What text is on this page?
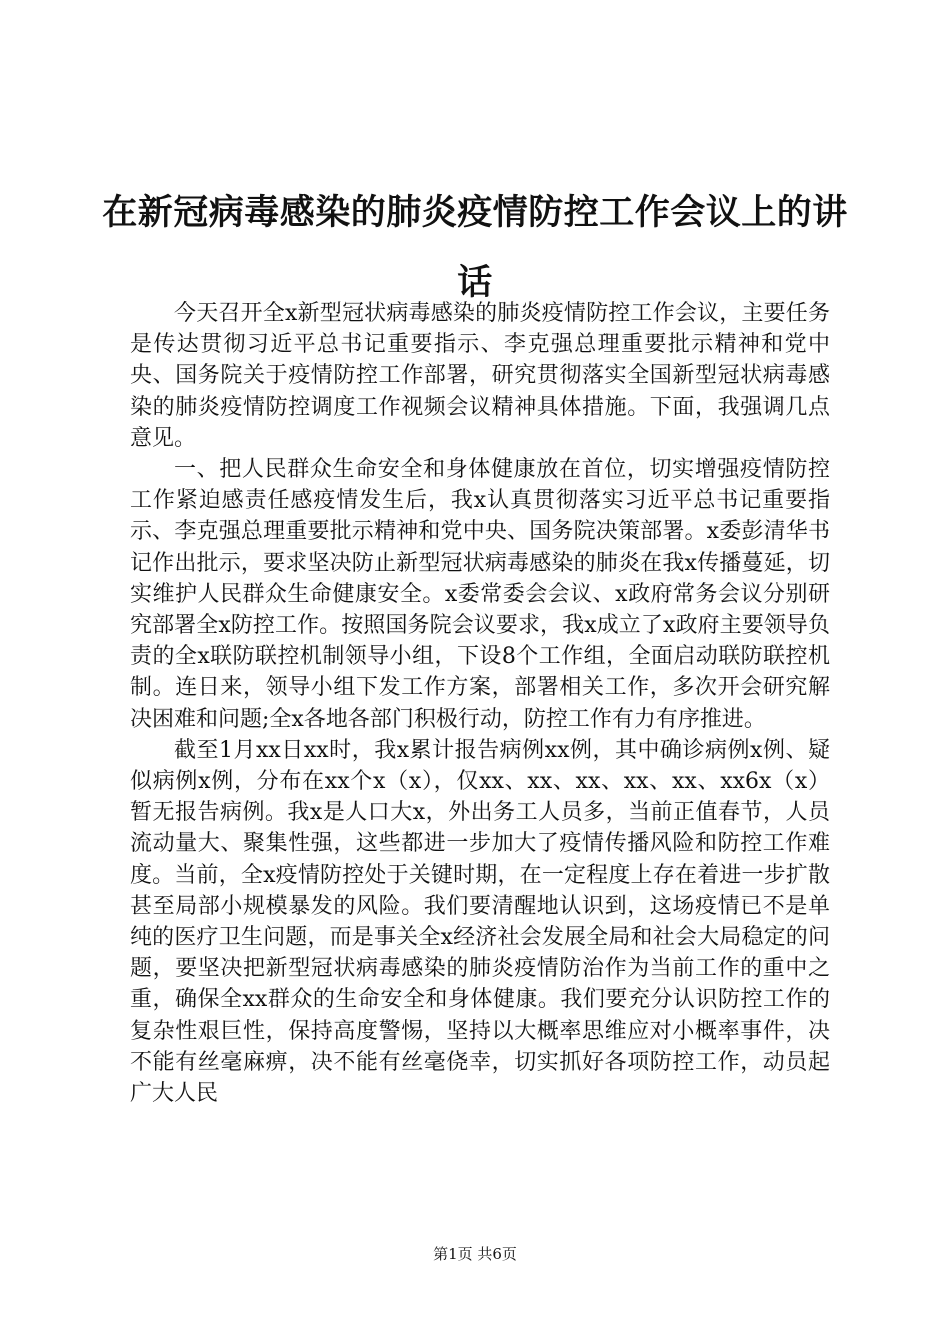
在新冠病毒感染的肺炎疫情防控工作会议上的讲话

今天召开全x新型冠状病毒感染的肺炎疫情防控工作会议，主要任务是传达贯彻习近平总书记重要指示、李克强总理重要批示精神和党中央、国务院关于疫情防控工作部署，研究贯彻落实全国新型冠状病毒感染的肺炎疫情防控调度工作视频会议精神具体措施。下面，我强调几点意见。

一、把人民群众生命安全和身体健康放在首位，切实增强疫情防控工作紧迫感责任感疫情发生后，我x认真贯彻落实习近平总书记重要指示、李克强总理重要批示精神和党中央、国务院决策部署。x委彭清华书记作出批示，要求坚决防止新型冠状病毒感染的肺炎在我x传播蔓延，切实维护人民群众生命健康安全。x委常委会会议、x政府常务会议分别研究部署全x防控工作。按照国务院会议要求，我x成立了x政府主要领导负责的全x联防联控机制领导小组，下设8个工作组，全面启动联防联控机制。连日来，领导小组下发工作方案，部署相关工作，多次开会研究解决困难和问题;全x各地各部门积极行动，防控工作有力有序推进。

截至1月xx日xx时，我x累计报告病例xx例，其中确诊病例x例、疑似病例x例，分布在xx个x（x），仅xx、xx、xx、xx、xx、xx6x（x）暂无报告病例。我x是人口大x，外出务工人员多，当前正值春节，人员流动量大、聚集性强，这些都进一步加大了疫情传播风险和防控工作难度。当前，全x疫情防控处于关键时期，在一定程度上存在着进一步扩散甚至局部小规模暴发的风险。我们要清醒地认识到，这场疫情已不是单纯的医疗卫生问题，而是事关全x经济社会发展全局和社会大局稳定的问题，要坚决把新型冠状病毒感染的肺炎疫情防治作为当前工作的重中之重，确保全xx群众的生命安全和身体健康。我们要充分认识防控工作的复杂性艰巨性，保持高度警惕，坚持以大概率思维应对小概率事件，决不能有丝毫麻痹，决不能有丝毫侥幸，切实抓好各项防控工作，动员起广大人民

第1页 共6页
